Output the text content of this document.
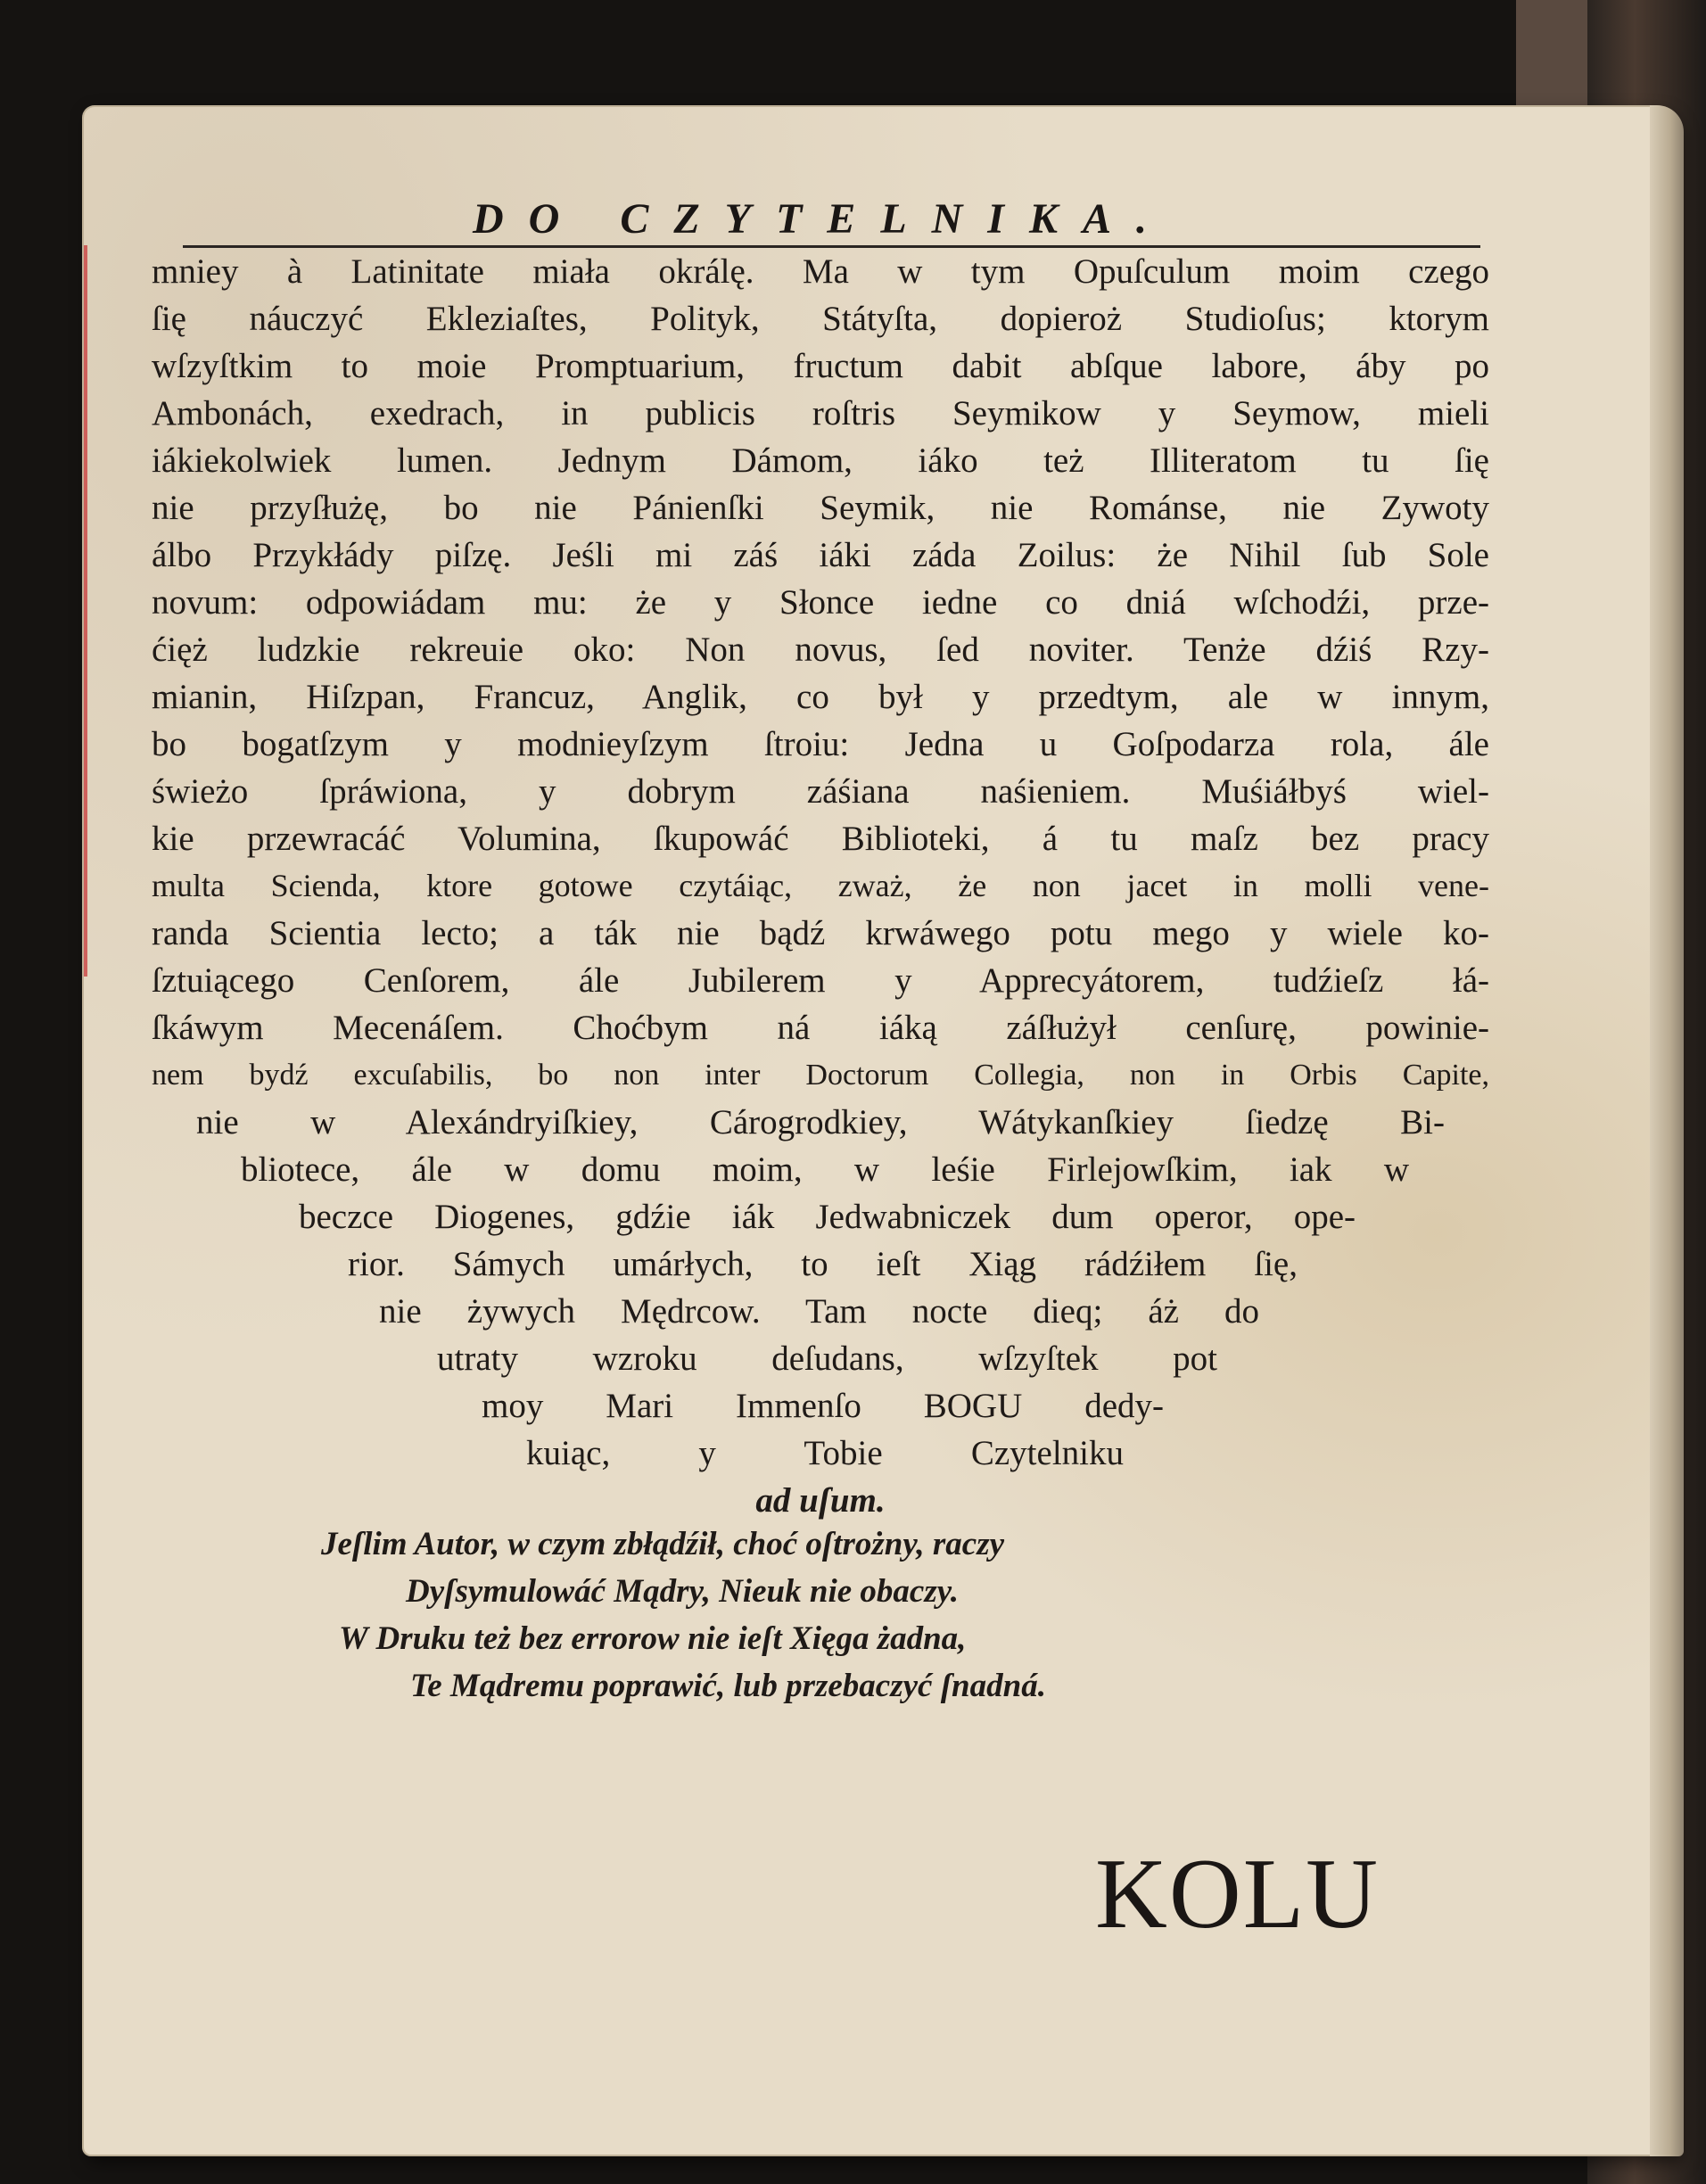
DO CZYTELNIKA.
mniey à Latinitate miała okrálę. Ma w tym Opuſculum moim czego
ſię náuczyć Ekleziaſtes, Polityk, Státyſta, dopieroż Studioſus; ktorym
wſzyſtkim to moie Promptuarium, fructum dabit abſque labore, áby po
Ambonách, exedrach, in publicis roſtris Seymikow y Seymow, mieli
iákiekolwiek lumen. Jednym Dámom, iáko też Illiteratom tu ſię
nie przyſłużę, bo nie Pánienſki Seymik, nie Románse, nie Zywoty
álbo Przykłády piſzę. Jeśli mi záś iáki záda Zoilus: że Nihil ſub Sole
novum: odpowiádam mu: że y Słonce iedne co dniá wſchodźi, prze-
ćięż ludzkie rekreuie oko: Non novus, ſed noviter. Tenże dźiś Rzy-
mianin, Hiſzpan, Francuz, Anglik, co był y przedtym, ale w innym,
bo bogatſzym y modnieyſzym ſtroiu: Jedna u Goſpodarza rola, ále
świeżo ſpráwiona, y dobrym záśiana naśieniem. Muśiáłbyś wiel-
kie przewracáć Volumina, ſkupowáć Biblioteki, á tu maſz bez pracy
multa Scienda, ktore gotowe czytáiąc, zważ, że non jacet in molli vene-
randa Scientia lecto; a ták nie bądź krwáwego potu mego y wiele ko-
ſztuiącego Cenſorem, ále Jubilerem y Apprecyátorem, tudźieſz łá-
ſkáwym Mecenáſem. Choćbym ná iáką záſłużył cenſurę, powinie-
nem bydź excuſabilis, bo non inter Doctorum Collegia, non in Orbis Capite,
nie w Alexándryiſkiey, Cárogrodkiey, Wátykanſkiey ſiedzę Bi-
bliotece, ále w domu moim, w leśie Firlejowſkim, iak w
beczce Diogenes, gdźie iák Jedwabniczek dum operor, ope-
rior. Sámych umárłych, to ieſt Xiąg rádźiłem ſię,
nie żywych Mędrcow. Tam nocte dieq; áż do
utraty wzroku deſudans, wſzyſtek pot
moy Mari Immenſo BOGU dedy-
kuiąc, y Tobie Czytelniku
ad uſum.
Jeſlim Autor, w czym zbłądźił, choć oſtrożny, raczy
Dyſsymulowáć Mądry, Nieuk nie obaczy.
W Druku też bez errorow nie ieſt Xięga żadna,
Te Mądremu poprawić, lub przebaczyć ſnadná.
KOLU
